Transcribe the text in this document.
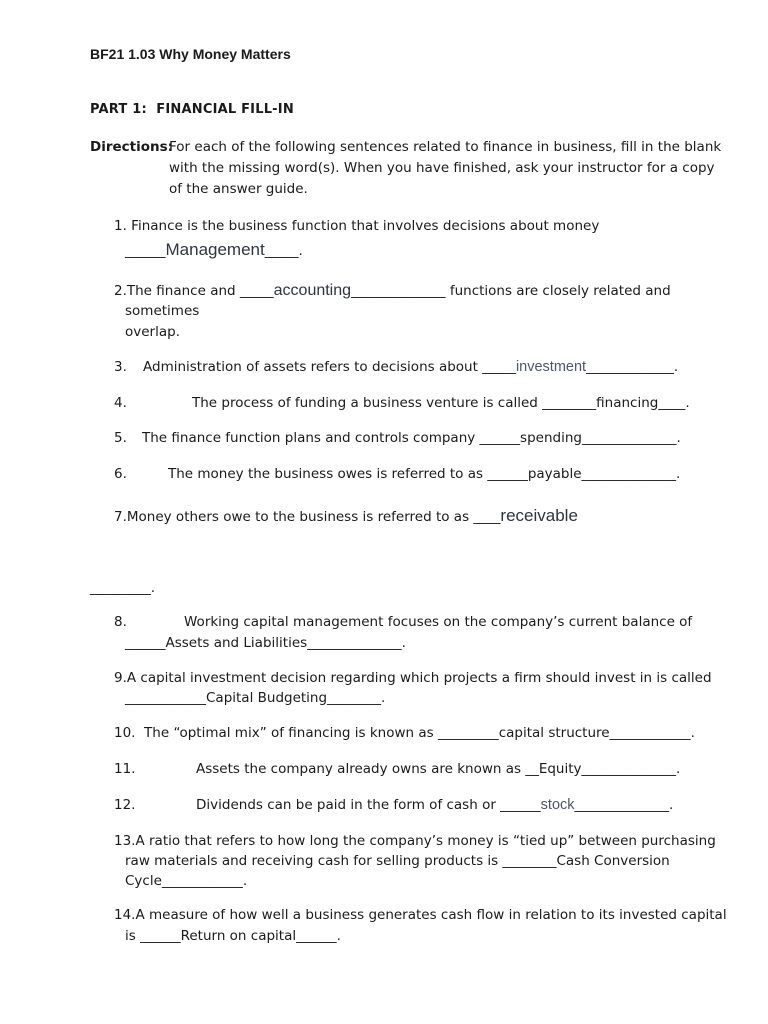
BF21 1.03 Why Money Matters
PART 1:  FINANCIAL FILL-IN
Directions:
For each of the following sentences related to finance in business, fill in the blank
with the missing word(s). When you have finished, ask your instructor for a copy
of the answer guide.
1. Finance is the business function that involves decisions about money
______Management_____.
2.The finance and _____accounting______________ functions are closely related and
sometimes
overlap.
3. Administration of assets refers to decisions about _____investment_____________.
4.	The process of funding a business venture is called ________financing____.
5. The finance function plans and controls company ______spending______________.
6.	The money the business owes is referred to as ______payable______________.
7.Money others owe to the business is referred to as ____receivable
_________.
8.	Working capital management focuses on the company’s current balance of
______Assets and Liabilities______________.
9.A capital investment decision regarding which projects a firm should invest in is called
____________Capital Budgeting________.
10.  The “optimal mix” of financing is known as _________capital structure____________.
11.	Assets the company already owns are known as __Equity______________.
12.	Dividends can be paid in the form of cash or ______stock______________.
13.A ratio that refers to how long the company’s money is “tied up” between purchasing
raw materials and receiving cash for selling products is ________Cash Conversion
Cycle____________.
14.A measure of how well a business generates cash flow in relation to its invested capital
is ______Return on capital______.
